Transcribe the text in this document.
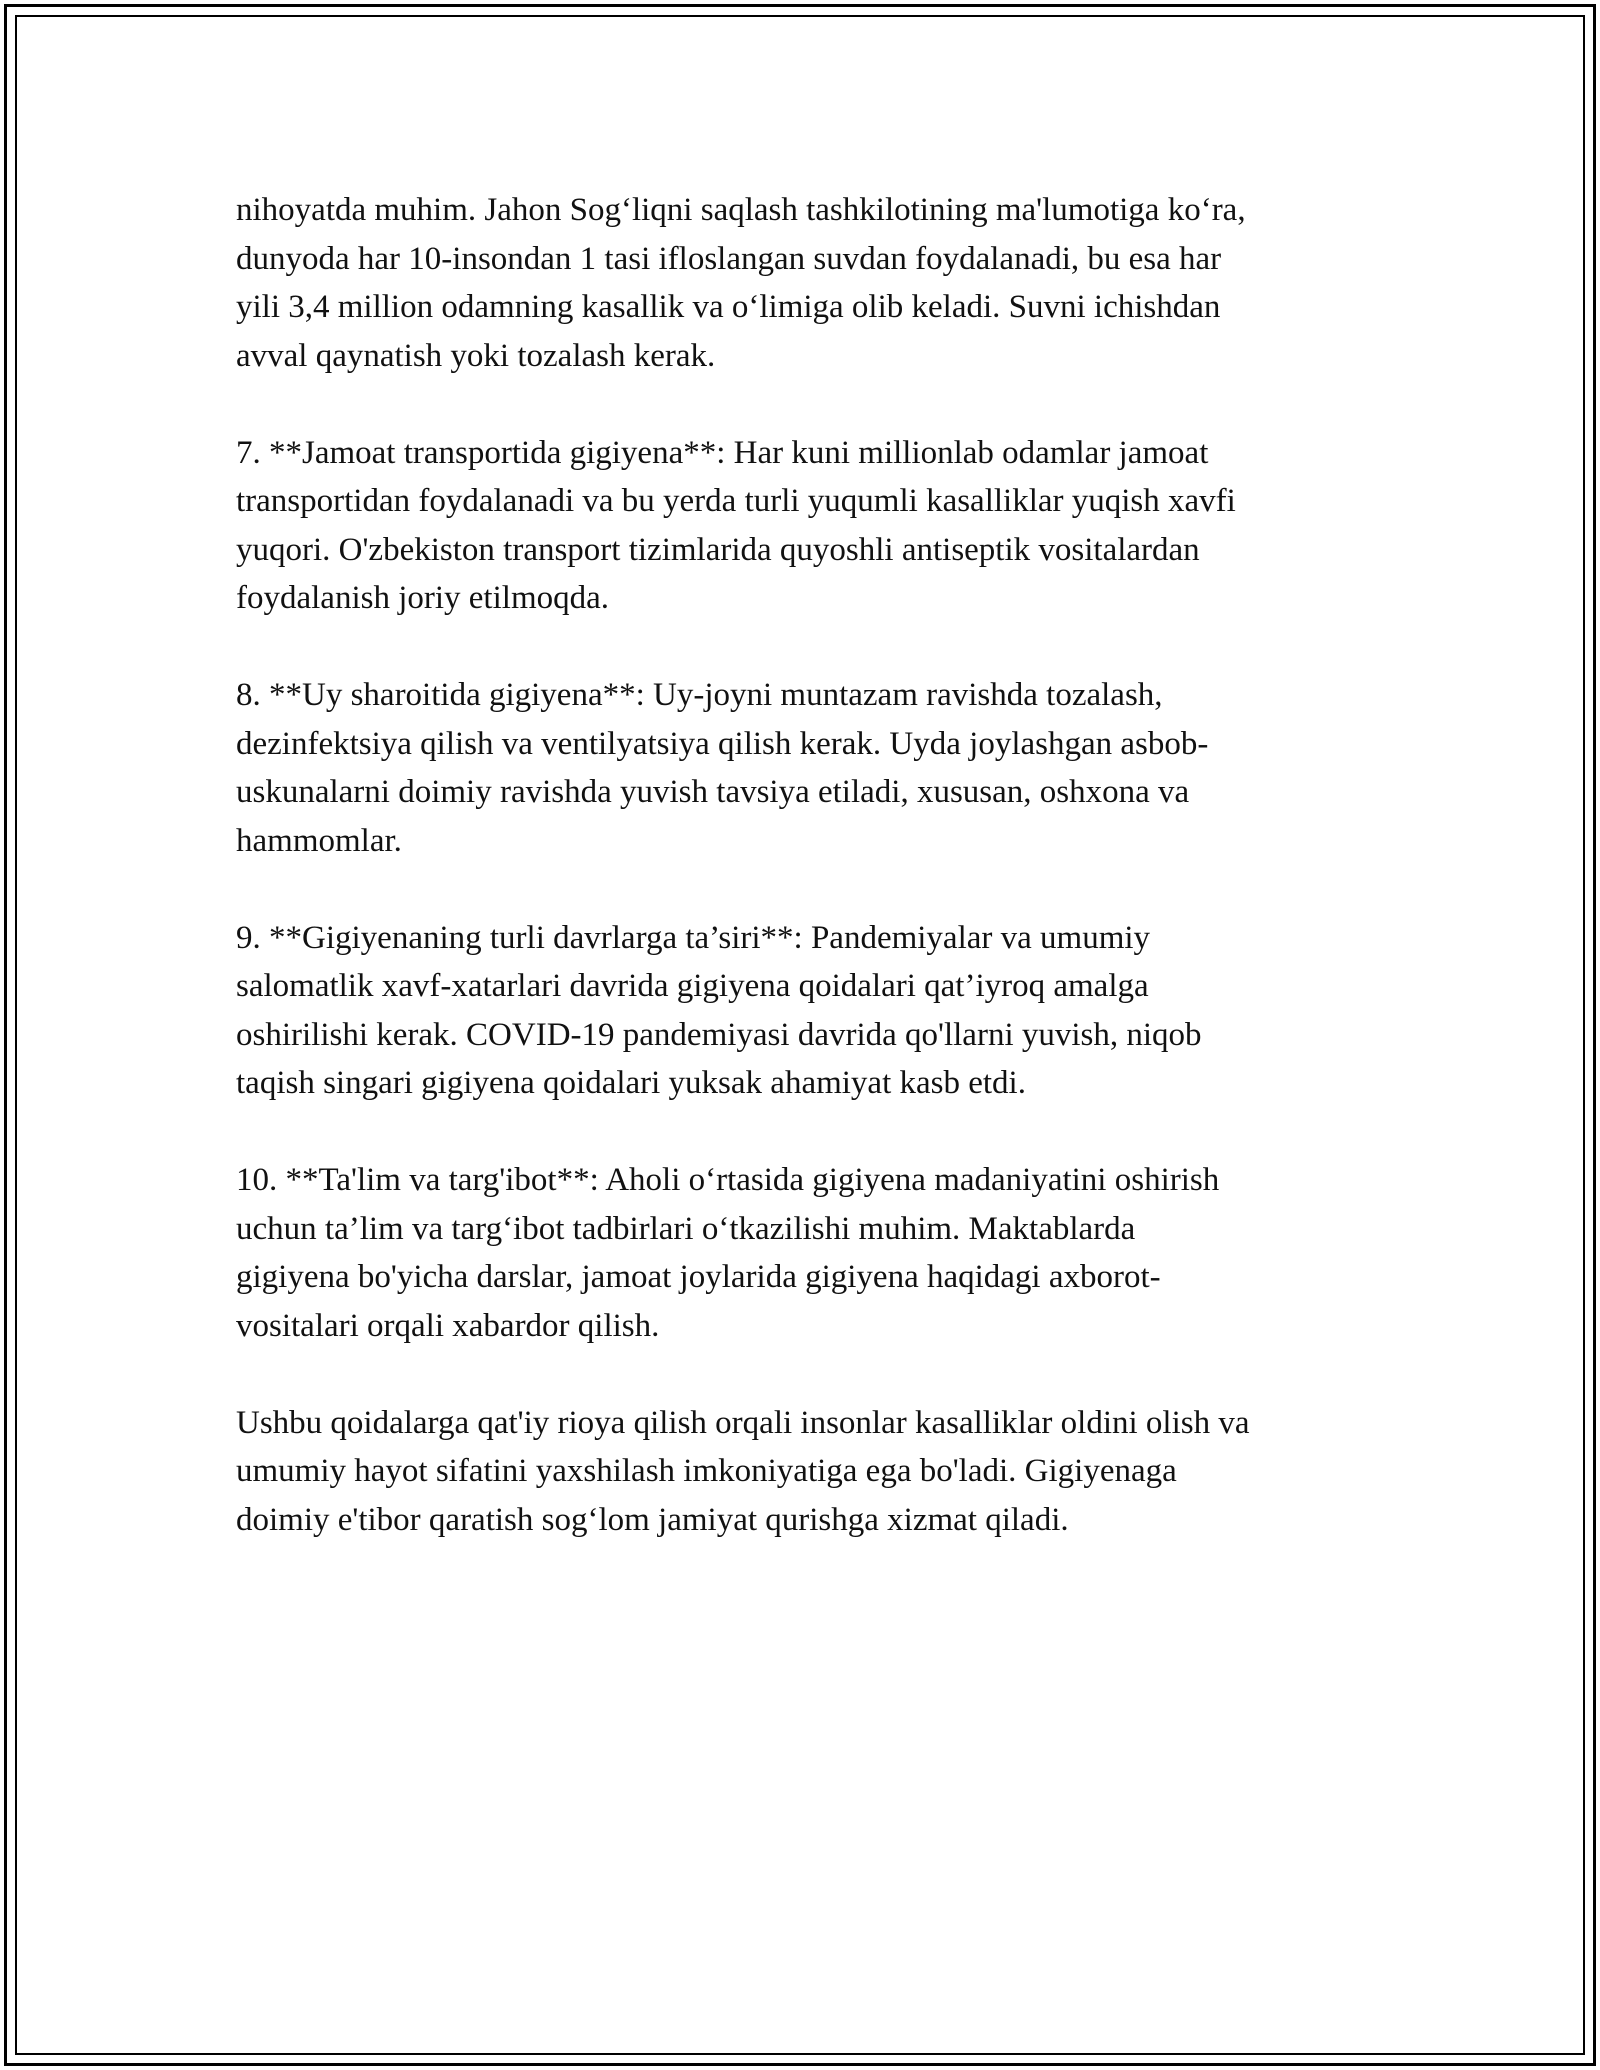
nihoyatda muhim. Jahon Sog‘liqni saqlash tashkilotining ma'lumotiga ko‘ra,
dunyoda har 10-insondan 1 tasi ifloslangan suvdan foydalanadi, bu esa har
yili 3,4 million odamning kasallik va o‘limiga olib keladi. Suvni ichishdan
avval qaynatish yoki tozalash kerak.

7. **Jamoat transportida gigiyena**: Har kuni millionlab odamlar jamoat
transportidan foydalanadi va bu yerda turli yuqumli kasalliklar yuqish xavfi
yuqori. O'zbekiston transport tizimlarida quyoshli antiseptik vositalardan
foydalanish joriy etilmoqda.

8. **Uy sharoitida gigiyena**: Uy-joyni muntazam ravishda tozalash,
dezinfektsiya qilish va ventilyatsiya qilish kerak. Uyda joylashgan asbob-
uskunalarni doimiy ravishda yuvish tavsiya etiladi, xususan, oshxona va
hammomlar.

9. **Gigiyenaning turli davrlarga ta’siri**: Pandemiyalar va umumiy
salomatlik xavf-xatarlari davrida gigiyena qoidalari qat’iyroq amalga
oshirilishi kerak. COVID-19 pandemiyasi davrida qo'llarni yuvish, niqob
taqish singari gigiyena qoidalari yuksak ahamiyat kasb etdi.

10. **Ta'lim va targ'ibot**: Aholi o‘rtasida gigiyena madaniyatini oshirish
uchun ta’lim va targ‘ibot tadbirlari o‘tkazilishi muhim. Maktablarda
gigiyena bo'yicha darslar, jamoat joylarida gigiyena haqidagi axborot-
vositalari orqali xabardor qilish.

Ushbu qoidalarga qat'iy rioya qilish orqali insonlar kasalliklar oldini olish va
umumiy hayot sifatini yaxshilash imkoniyatiga ega bo'ladi. Gigiyenaga
doimiy e'tibor qaratish sog‘lom jamiyat qurishga xizmat qiladi.
